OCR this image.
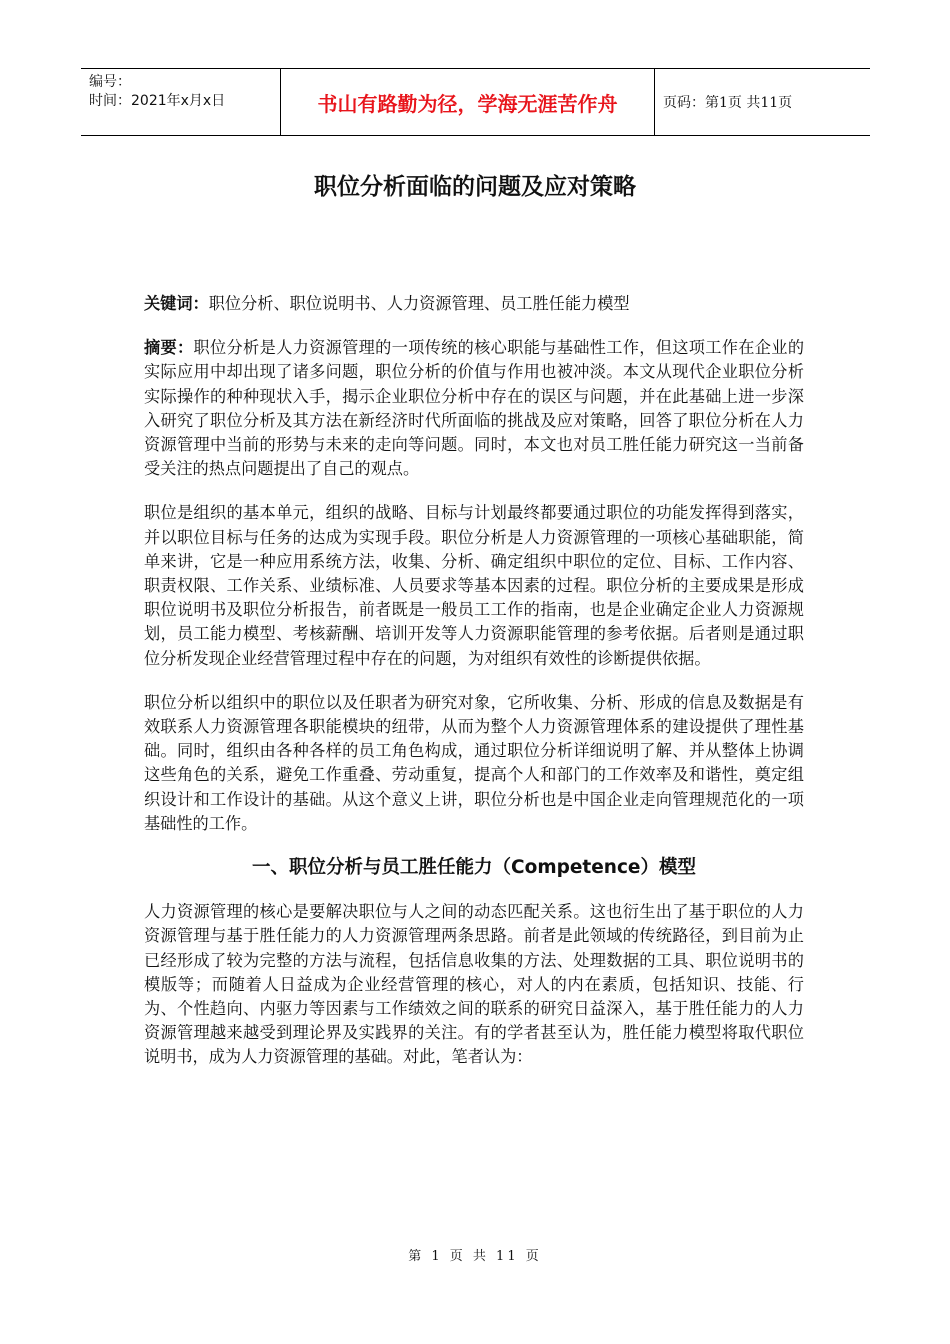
编号：
时间：2021年x月x日	书山有路勤为径，学海无涯苦作舟	页码：第1页 共11页
职位分析面临的问题及应对策略

关键词：职位分析、职位说明书、人力资源管理、员工胜任能力模型

摘要：职位分析是人力资源管理的一项传统的核心职能与基础性工作，但这项工作在企业的实际应用中却出现了诸多问题，职位分析的价值与作用也被冲淡。本文从现代企业职位分析实际操作的种种现状入手，揭示企业职位分析中存在的误区与问题，并在此基础上进一步深入研究了职位分析及其方法在新经济时代所面临的挑战及应对策略，回答了职位分析在人力资源管理中当前的形势与未来的走向等问题。同时，本文也对员工胜任能力研究这一当前备受关注的热点问题提出了自己的观点。

职位是组织的基本单元，组织的战略、目标与计划最终都要通过职位的功能发挥得到落实，并以职位目标与任务的达成为实现手段。职位分析是人力资源管理的一项核心基础职能，简单来讲，它是一种应用系统方法，收集、分析、确定组织中职位的定位、目标、工作内容、职责权限、工作关系、业绩标准、人员要求等基本因素的过程。职位分析的主要成果是形成职位说明书及职位分析报告，前者既是一般员工工作的指南，也是企业确定企业人力资源规划，员工能力模型、考核薪酬、培训开发等人力资源职能管理的参考依据。后者则是通过职位分析发现企业经营管理过程中存在的问题，为对组织有效性的诊断提供依据。

职位分析以组织中的职位以及任职者为研究对象，它所收集、分析、形成的信息及数据是有效联系人力资源管理各职能模块的纽带，从而为整个人力资源管理体系的建设提供了理性基础。同时，组织由各种各样的员工角色构成，通过职位分析详细说明了解、并从整体上协调这些角色的关系，避免工作重叠、劳动重复，提高个人和部门的工作效率及和谐性，奠定组织设计和工作设计的基础。从这个意义上讲，职位分析也是中国企业走向管理规范化的一项基础性的工作。

一、职位分析与员工胜任能力（Competence）模型

人力资源管理的核心是要解决职位与人之间的动态匹配关系。这也衍生出了基于职位的人力资源管理与基于胜任能力的人力资源管理两条思路。前者是此领域的传统路径，到目前为止已经形成了较为完整的方法与流程，包括信息收集的方法、处理数据的工具、职位说明书的模版等；而随着人日益成为企业经营管理的核心，对人的内在素质，包括知识、技能、行为、个性趋向、内驱力等因素与工作绩效之间的联系的研究日益深入，基于胜任能力的人力资源管理越来越受到理论界及实践界的关注。有的学者甚至认为，胜任能力模型将取代职位说明书，成为人力资源管理的基础。对此，笔者认为：

第 1 页 共 11 页
